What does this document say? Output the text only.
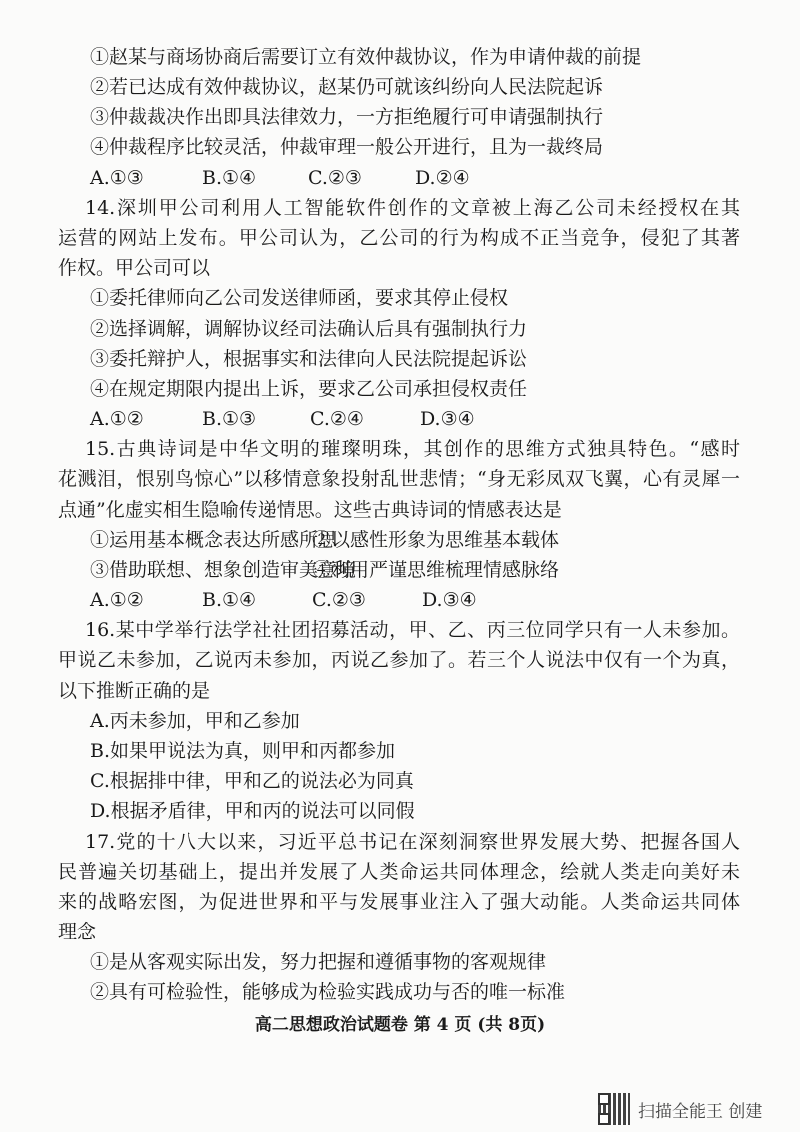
①赵某与商场协商后需要订立有效仲裁协议，作为申请仲裁的前提
②若已达成有效仲裁协议，赵某仍可就该纠纷向人民法院起诉
③仲裁裁决作出即具法律效力，一方拒绝履行可申请强制执行
④仲裁程序比较灵活，仲裁审理一般公开进行，且为一裁终局
A.①③	B.①④	C.②③	D.②④
14.深圳甲公司利用人工智能软件创作的文章被上海乙公司未经授权在其
运营的网站上发布。甲公司认为，乙公司的行为构成不正当竞争，侵犯了其著
作权。甲公司可以
①委托律师向乙公司发送律师函，要求其停止侵权
②选择调解，调解协议经司法确认后具有强制执行力
③委托辩护人，根据事实和法律向人民法院提起诉讼
④在规定期限内提出上诉，要求乙公司承担侵权责任
A.①②	B.①③	C.②④	D.③④
15.古典诗词是中华文明的璀璨明珠，其创作的思维方式独具特色。“感时
花溅泪，恨别鸟惊心”以移情意象投射乱世悲情；“身无彩凤双飞翼，心有灵犀一
点通”化虚实相生隐喻传递情思。这些古典诗词的情感表达是
①运用基本概念表达所感所思
②以感性形象为思维基本载体
③借助联想、想象创造审美意境
④利用严谨思维梳理情感脉络
A.①②	B.①④	C.②③	D.③④
16.某中学举行法学社社团招募活动，甲、乙、丙三位同学只有一人未参加。
甲说乙未参加，乙说丙未参加，丙说乙参加了。若三个人说法中仅有一个为真，
以下推断正确的是
A.丙未参加，甲和乙参加
B.如果甲说法为真，则甲和丙都参加
C.根据排中律，甲和乙的说法必为同真
D.根据矛盾律，甲和丙的说法可以同假
17.党的十八大以来，习近平总书记在深刻洞察世界发展大势、把握各国人
民普遍关切基础上，提出并发展了人类命运共同体理念，绘就人类走向美好未
来的战略宏图，为促进世界和平与发展事业注入了强大动能。人类命运共同体
理念
①是从客观实际出发，努力把握和遵循事物的客观规律
②具有可检验性，能够成为检验实践成功与否的唯一标准
高二思想政治试题卷 第 4 页 (共 8页)
扫描全能王 创建
